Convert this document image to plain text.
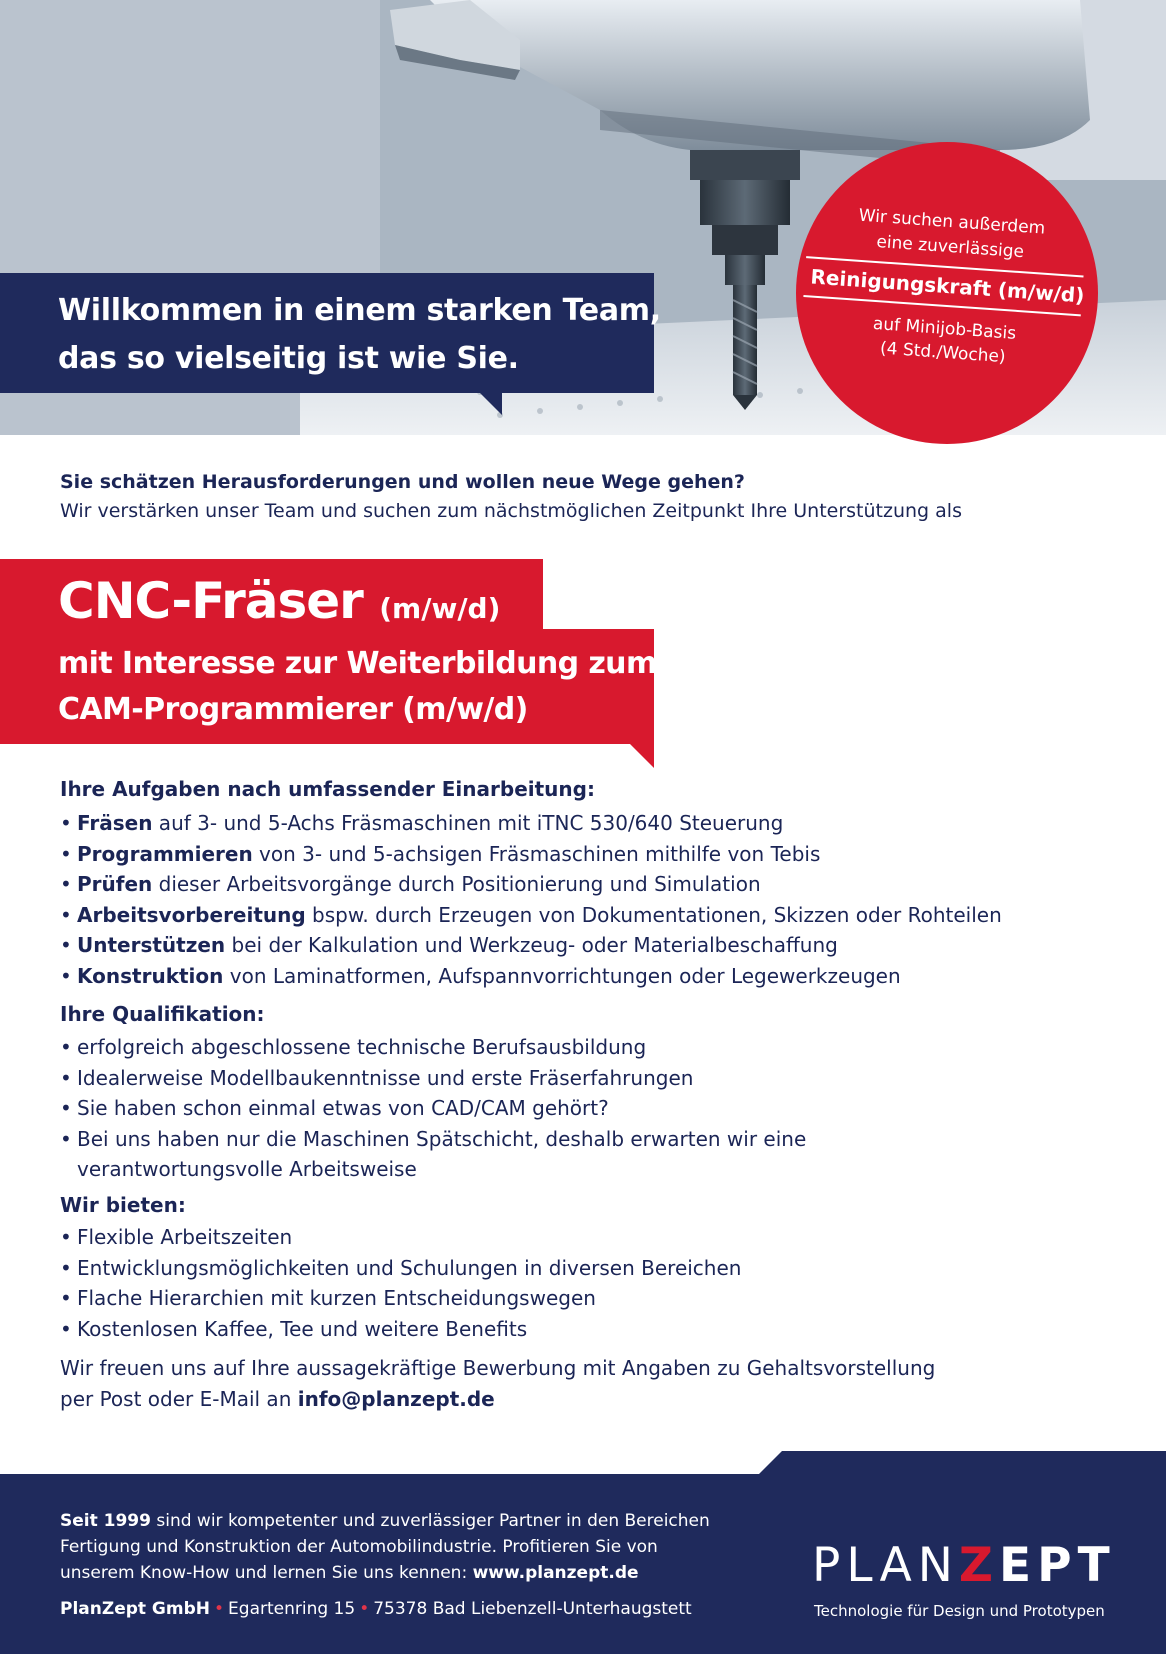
Willkommen in einem starken Team,
das so vielseitig ist wie Sie.
Wir suchen außerdem
eine zuverlässige
Reinigungskraft (m/w/d)
auf Minijob-Basis
(4 Std./Woche)
Sie schätzen Herausforderungen und wollen neue Wege gehen?
Wir verstärken unser Team und suchen zum nächstmöglichen Zeitpunkt Ihre Unterstützung als
CNC-Fräser (m/w/d)
mit Interesse zur Weiterbildung zum
CAM-Programmierer (m/w/d)
Ihre Aufgaben nach umfassender Einarbeitung:
• Fräsen auf 3- und 5-Achs Fräsmaschinen mit iTNC 530/640 Steuerung
• Programmieren von 3- und 5-achsigen Fräsmaschinen mithilfe von Tebis
• Prüfen dieser Arbeitsvorgänge durch Positionierung und Simulation
• Arbeitsvorbereitung bspw. durch Erzeugen von Dokumentationen, Skizzen oder Rohteilen
• Unterstützen bei der Kalkulation und Werkzeug- oder Materialbeschaffung
• Konstruktion von Laminatformen, Aufspannvorrichtungen oder Legewerkzeugen
Ihre Qualifikation:
• erfolgreich abgeschlossene technische Berufsausbildung
• Idealerweise Modellbaukenntnisse und erste Fräserfahrungen
• Sie haben schon einmal etwas von CAD/CAM gehört?
• Bei uns haben nur die Maschinen Spätschicht, deshalb erwarten wir eine
verantwortungsvolle Arbeitsweise
Wir bieten:
• Flexible Arbeitszeiten
• Entwicklungsmöglichkeiten und Schulungen in diversen Bereichen
• Flache Hierarchien mit kurzen Entscheidungswegen
• Kostenlosen Kaffee, Tee und weitere Benefits
Wir freuen uns auf Ihre aussagekräftige Bewerbung mit Angaben zu Gehaltsvorstellung
per Post oder E-Mail an info@planzept.de
Seit 1999 sind wir kompetenter und zuverlässiger Partner in den Bereichen
Fertigung und Konstruktion der Automobilindustrie. Profitieren Sie von
unserem Know-How und lernen Sie uns kennen: www.planzept.de
PlanZept GmbH • Egartenring 15 • 75378 Bad Liebenzell-Unterhaugstett
PLANZEPT
Technologie für Design und Prototypen
